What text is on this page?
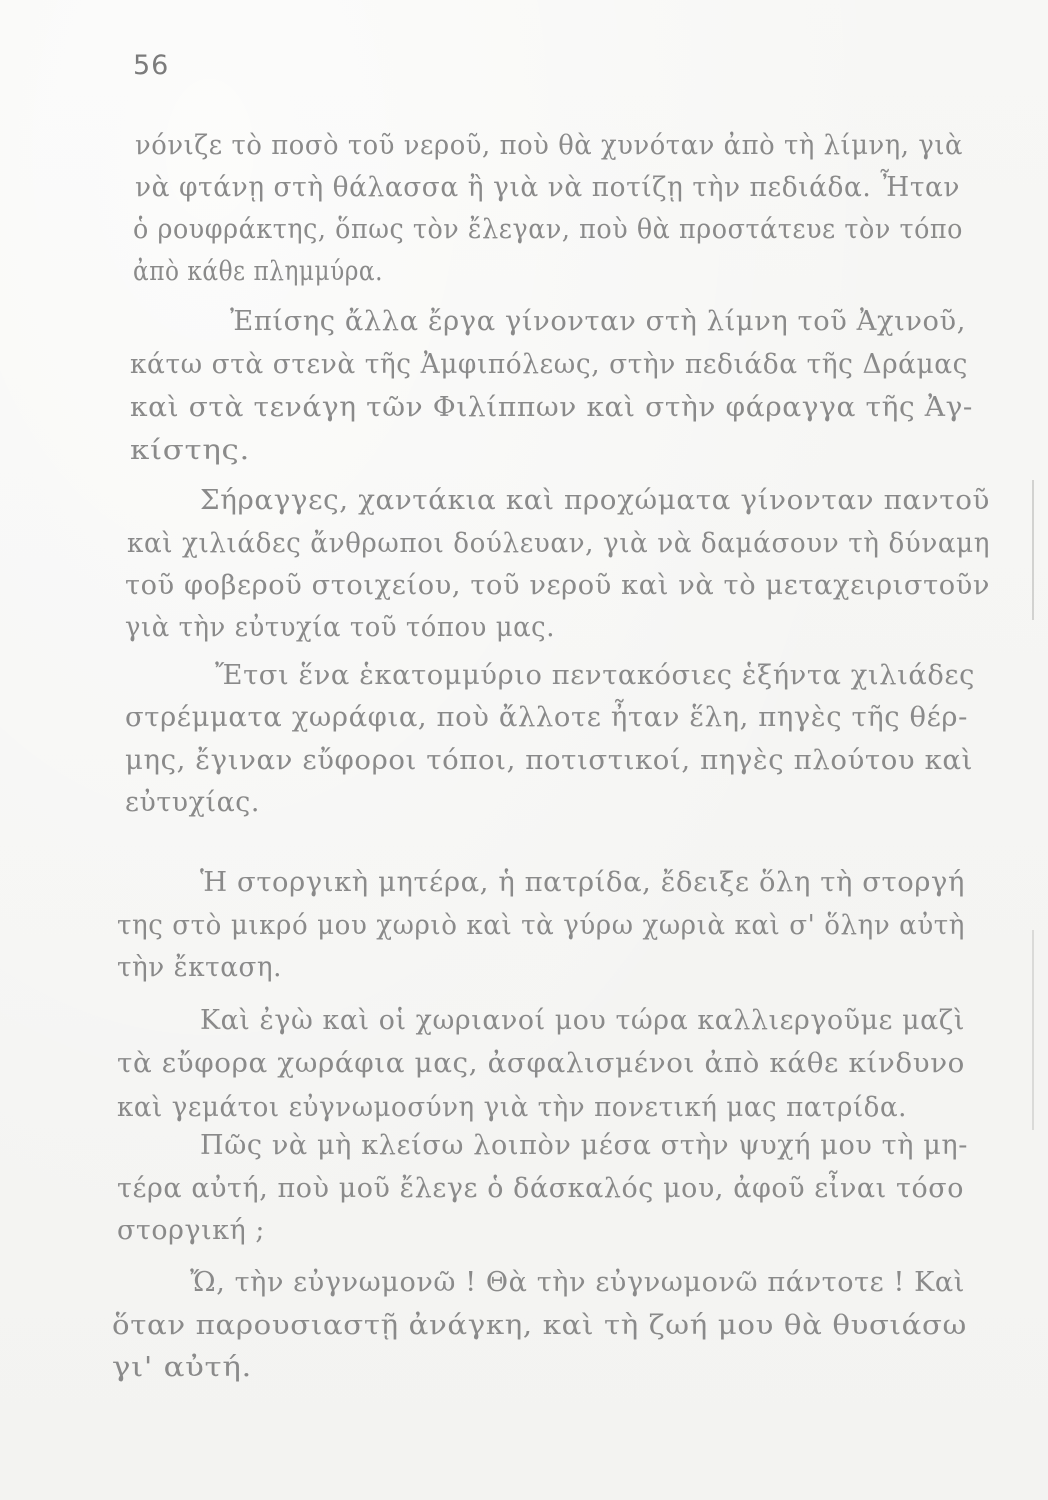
56
νόνιζε τὸ ποσὸ τοῦ νεροῦ, ποὺ θὰ χυνόταν ἀπὸ τὴ λίμνη, γιὰ
νὰ φτάνῃ στὴ θάλασσα ἢ γιὰ νὰ ποτίζῃ τὴν πεδιάδα. Ἦταν
ὁ ρουφράκτης, ὅπως τὸν ἔλεγαν, ποὺ θὰ προστάτευε τὸν τόπο
ἀπὸ κάθε πλημμύρα.
Ἐπίσης ἄλλα ἔργα γίνονταν στὴ λίμνη τοῦ Ἀχινοῦ,
κάτω στὰ στενὰ τῆς Ἀμφιπόλεως, στὴν πεδιάδα τῆς Δράμας
καὶ στὰ τενάγη τῶν Φιλίππων καὶ στὴν φάραγγα τῆς Ἀγ-
κίστης.
Σήραγγες, χαντάκια καὶ προχώματα γίνονταν παντοῦ
καὶ χιλιάδες ἄνθρωποι δούλευαν, γιὰ νὰ δαμάσουν τὴ δύναμη
τοῦ φοβεροῦ στοιχείου, τοῦ νεροῦ καὶ νὰ τὸ μεταχειριστοῦν
γιὰ τὴν εὐτυχία τοῦ τόπου μας.
Ἔτσι ἕνα ἑκατομμύριο πεντακόσιες ἑξήντα χιλιάδες
στρέμματα χωράφια, ποὺ ἄλλοτε ἦταν ἕλη, πηγὲς τῆς θέρ-
μης, ἔγιναν εὔφοροι τόποι, ποτιστικοί, πηγὲς πλούτου καὶ
εὐτυχίας.
Ἡ στοργικὴ μητέρα, ἡ πατρίδα, ἔδειξε ὅλη τὴ στοργή
της στὸ μικρό μου χωριὸ καὶ τὰ γύρω χωριὰ καὶ σ' ὅλην αὐτὴ
τὴν ἔκταση.
Καὶ ἐγὼ καὶ οἱ χωριανοί μου τώρα καλλιεργοῦμε μαζὶ
τὰ εὔφορα χωράφια μας, ἀσφαλισμένοι ἀπὸ κάθε κίνδυνο
καὶ γεμάτοι εὐγνωμοσύνη γιὰ τὴν πονετική μας πατρίδα.
Πῶς νὰ μὴ κλείσω λοιπὸν μέσα στὴν ψυχή μου τὴ μη-
τέρα αὐτή, ποὺ μοῦ ἔλεγε ὁ δάσκαλός μου, ἀφοῦ εἶναι τόσο
στοργική ;
Ὤ, τὴν εὐγνωμονῶ ! Θὰ τὴν εὐγνωμονῶ πάντοτε ! Καὶ
ὅταν παρουσιαστῇ ἀνάγκη, καὶ τὴ ζωή μου θὰ θυσιάσω
γι' αὐτή.
